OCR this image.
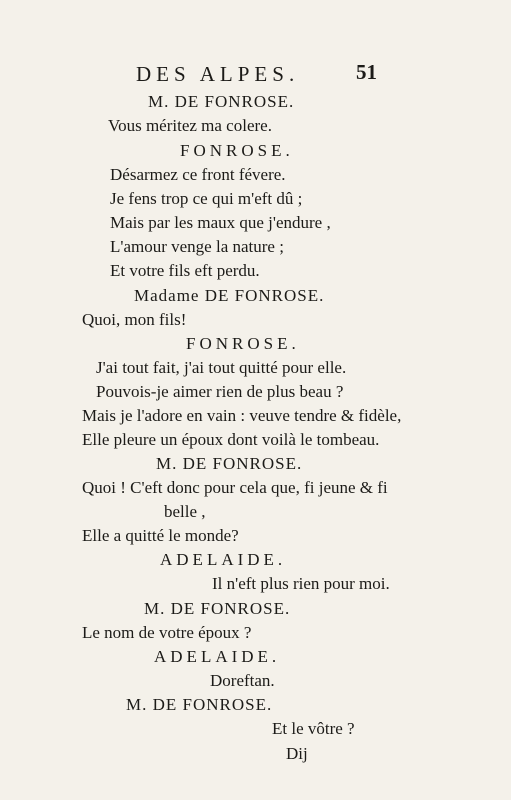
DES ALPES.	51
M. DE FONROSE.
Vous méritez ma colere.
FONROSE.
Désarmez ce front févere.
Je fens trop ce qui m'eft dû ;
Mais par les maux que j'endure ,
L'amour venge la nature ;
Et votre fils eft perdu.
Madame DE FONROSE.
Quoi, mon fils!
FONROSE.
J'ai tout fait, j'ai tout quitté pour elle.
Pouvois-je aimer rien de plus beau ?
Mais je l'adore en vain : veuve tendre & fidèle,
Elle pleure un époux dont voilà le tombeau.
M. DE FONROSE.
Quoi ! C'eft donc pour cela que, fi jeune & fi
belle ,
Elle a quitté le monde?
ADELAIDE.
Il n'eft plus rien pour moi.
M. DE FONROSE.
Le nom de votre époux ?
ADELAIDE.
Doreftan.
M. DE FONROSE.
Et le vôtre ?
Dij
